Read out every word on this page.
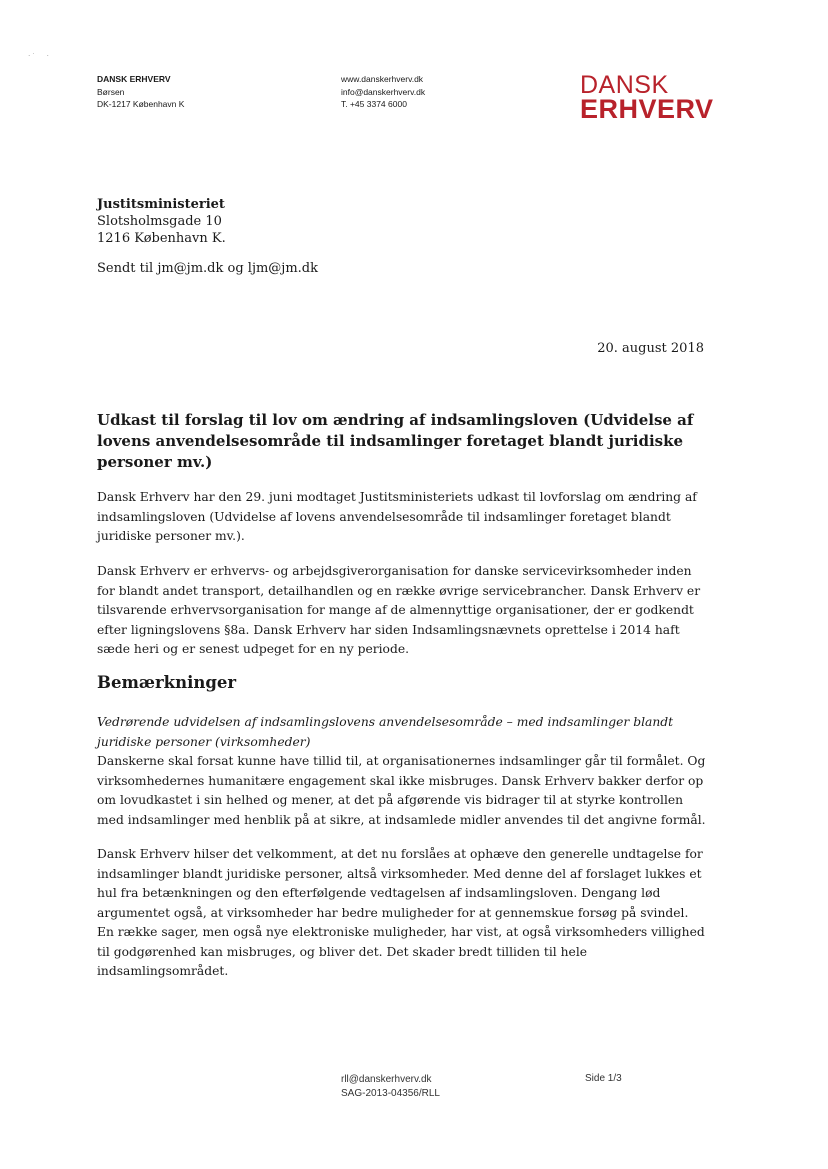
· ˙       ·
DANSK ERHVERV
Børsen
DK-1217 København K
www.danskerhverv.dk
info@danskerhverv.dk
T. +45 3374 6000
DANSK
ERHVERV
Justitsministeriet
Slotsholmsgade 10
1216 København K.
Sendt til jm@jm.dk og ljm@jm.dk
20. august 2018
Udkast til forslag til lov om ændring af indsamlingsloven (Udvidelse af lovens anvendelsesområde til indsamlinger foretaget blandt juridiske personer mv.)
Dansk Erhverv har den 29. juni modtaget Justitsministeriets udkast til lovforslag om ændring af indsamlingsloven (Udvidelse af lovens anvendelsesområde til indsamlinger foretaget blandt juridiske personer mv.).
Dansk Erhverv er erhvervs- og arbejdsgiverorganisation for danske servicevirksomheder inden for blandt andet transport, detailhandlen og en række øvrige servicebrancher. Dansk Erhverv er tilsvarende erhvervsorganisation for mange af de almennyttige organisationer, der er godkendt efter ligningslovens §8a. Dansk Erhverv har siden Indsamlingsnævnets oprettelse i 2014 haft sæde heri og er senest udpeget for en ny periode.
Bemærkninger
Vedrørende udvidelsen af indsamlingslovens anvendelsesområde – med indsamlinger blandt juridiske personer (virksomheder)
Danskerne skal forsat kunne have tillid til, at organisationernes indsamlinger går til formålet. Og virksomhedernes humanitære engagement skal ikke misbruges. Dansk Erhverv bakker derfor op om lovudkastet i sin helhed og mener, at det på afgørende vis bidrager til at styrke kontrollen med indsamlinger med henblik på at sikre, at indsamlede midler anvendes til det angivne formål.
Dansk Erhverv hilser det velkomment, at det nu forslåes at ophæve den generelle undtagelse for indsamlinger blandt juridiske personer, altså virksomheder. Med denne del af forslaget lukkes et hul fra betænkningen og den efterfølgende vedtagelsen af indsamlingsloven. Dengang lød argumentet også, at virksomheder har bedre muligheder for at gennemskue forsøg på svindel. En række sager, men også nye elektroniske muligheder, har vist, at også virksomheders villighed til godgørenhed kan misbruges, og bliver det. Det skader bredt tilliden til hele indsamlingsområdet.
rll@danskerhverv.dk
SAG-2013-04356/RLL
Side 1/3
